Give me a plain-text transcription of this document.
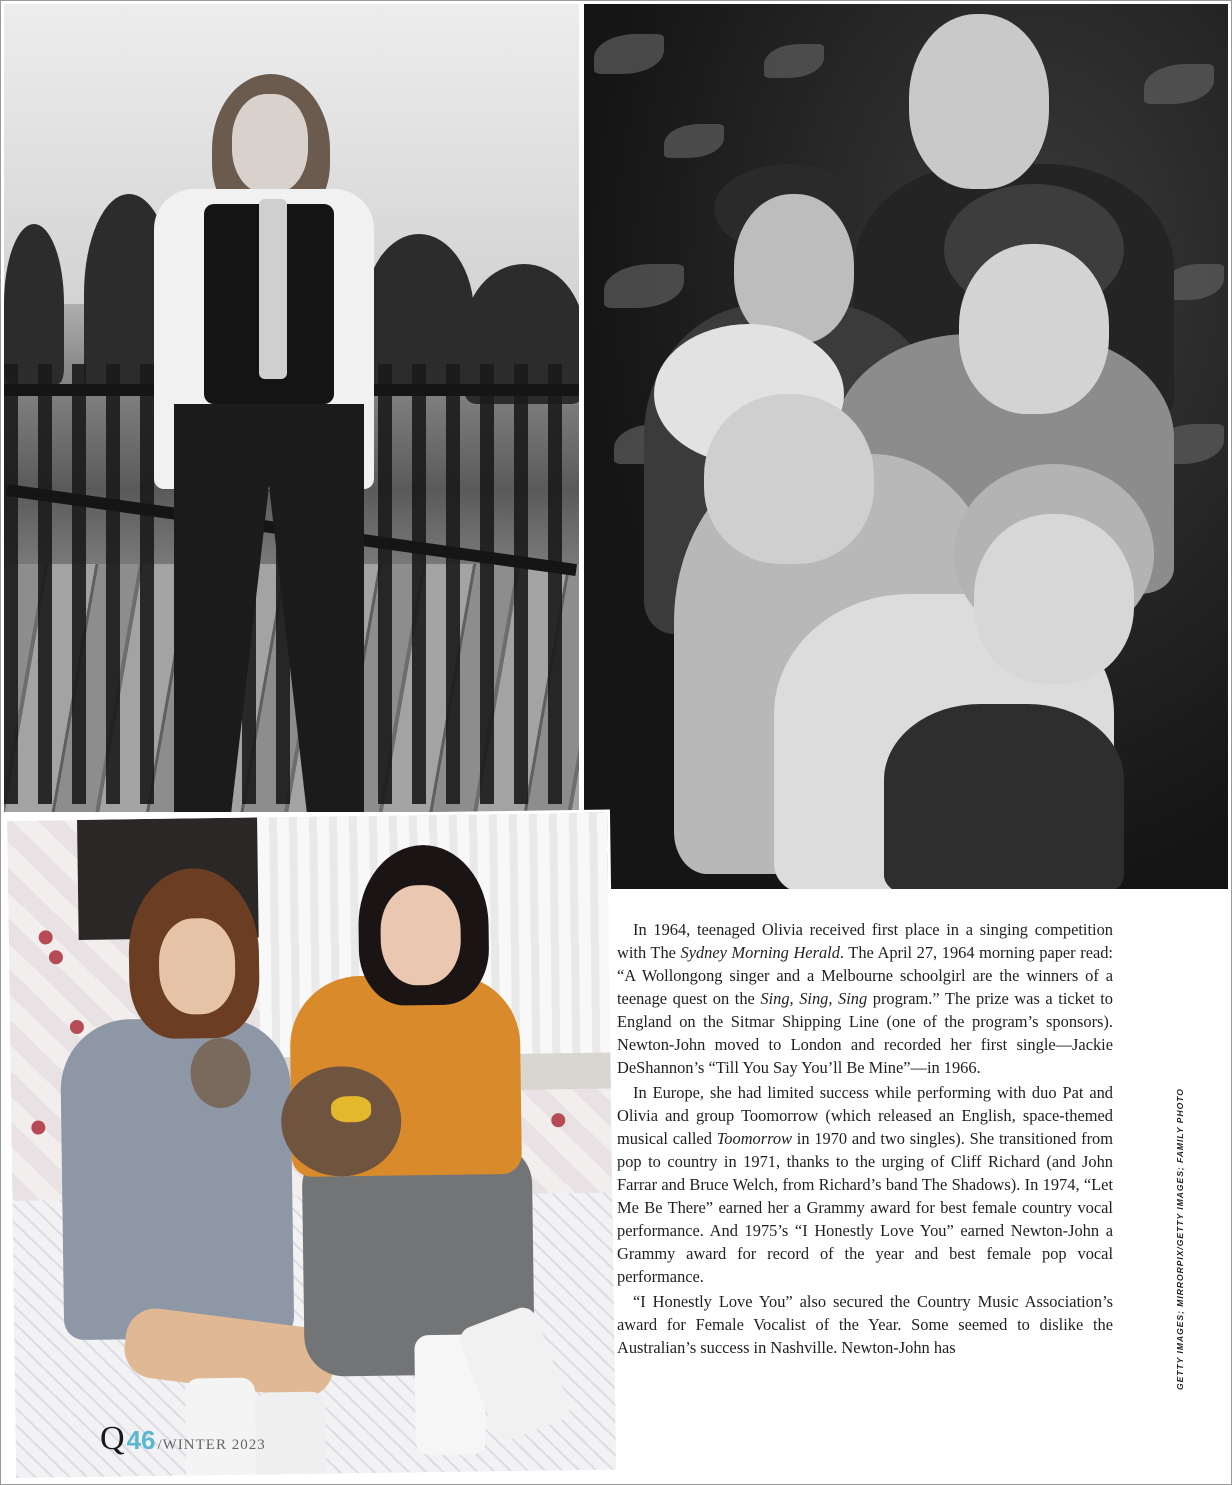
Q 46 /WINTER 2023

In 1964, teenaged Olivia received first place in a singing competition with The Sydney Morning Herald. The April 27, 1964 morning paper read: “A Wollongong singer and a Melbourne schoolgirl are the winners of a teenage quest on the Sing, Sing, Sing program.” The prize was a ticket to England on the Sitmar Shipping Line (one of the program’s sponsors). Newton-John moved to London and recorded her first single—Jackie DeShannon’s “Till You Say You’ll Be Mine”—in 1966.

In Europe, she had limited success while performing with duo Pat and Olivia and group Toomorrow (which released an English, space-themed musical called Toomorrow in 1970 and two singles). She transitioned from pop to country in 1971, thanks to the urging of Cliff Richard (and John Farrar and Bruce Welch, from Richard’s band The Shadows). In 1974, “Let Me Be There” earned her a Grammy award for best female country vocal performance. And 1975’s “I Honestly Love You” earned Newton-John a Grammy award for record of the year and best female pop vocal performance.

“I Honestly Love You” also secured the Country Music Association’s award for Female Vocalist of the Year. Some seemed to dislike the Australian’s success in Nashville. Newton-John has	GETTY IMAGES; MIRRORPIX/GETTY IMAGES; FAMILY PHOTO
